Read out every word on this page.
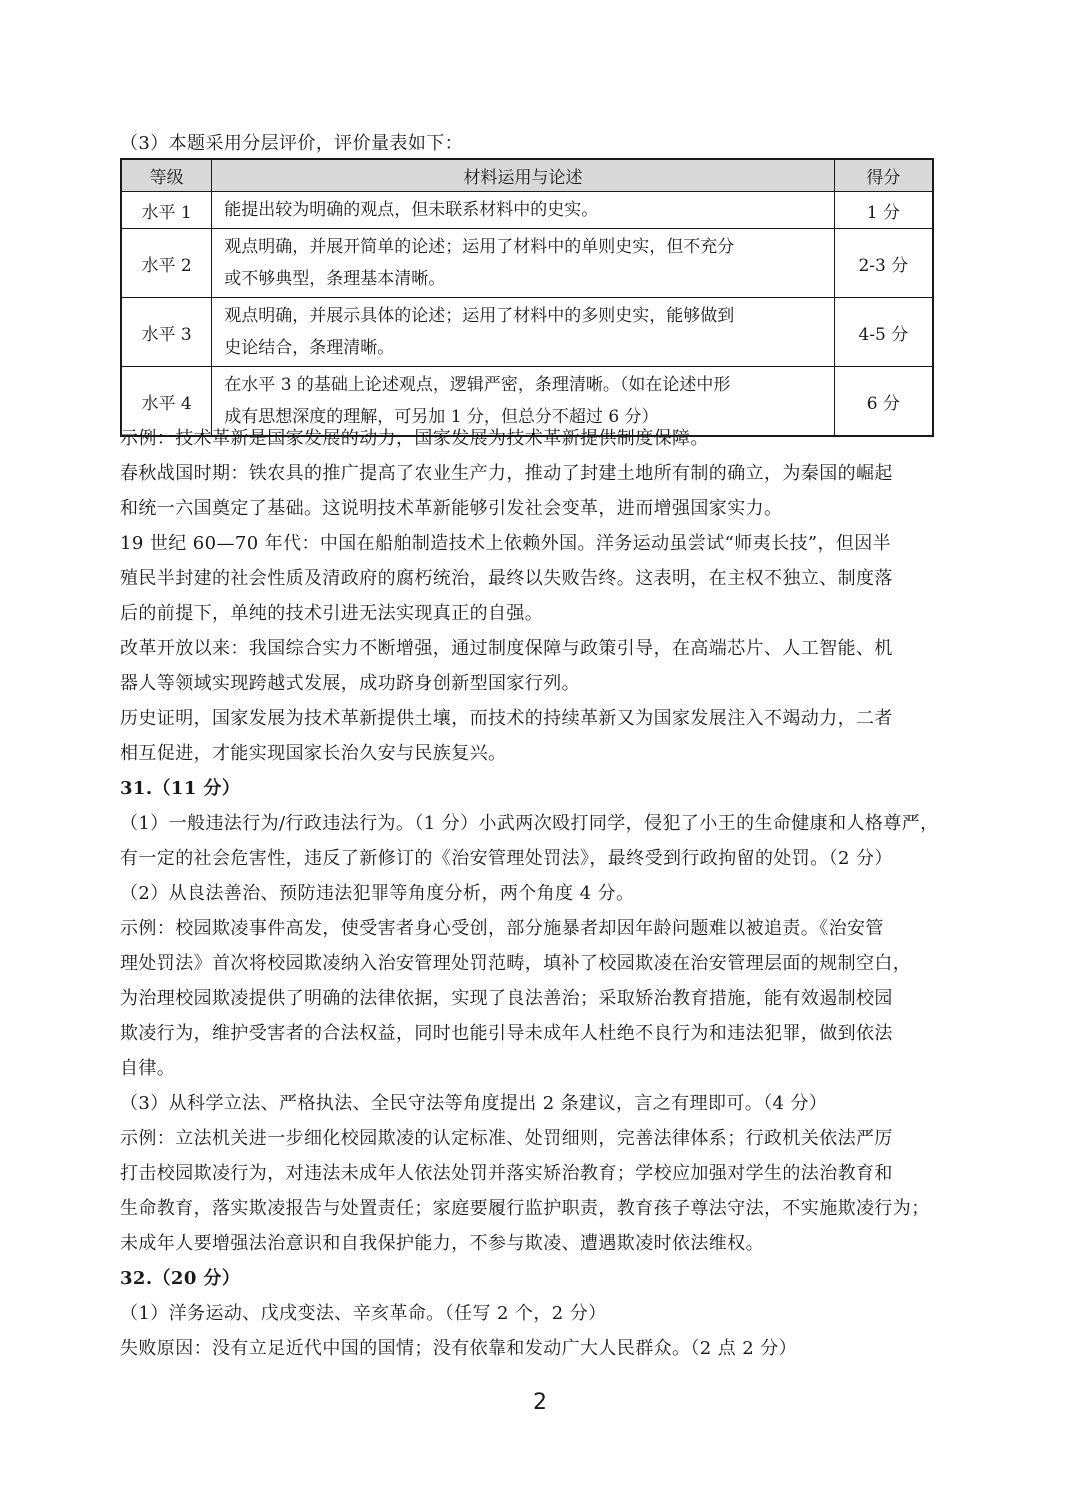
（3）本题采用分层评价，评价量表如下：
等级	材料运用与论述	得分
水平 1	能提出较为明确的观点，但未联系材料中的史实。	1 分
水平 2	观点明确，并展开简单的论述；运用了材料中的单则史实，但不充分
或不够典型，条理基本清晰。	2-3 分
水平 3	观点明确，并展示具体的论述；运用了材料中的多则史实，能够做到
史论结合，条理清晰。	4-5 分
水平 4	在水平 3 的基础上论述观点，逻辑严密，条理清晰。（如在论述中形
成有思想深度的理解，可另加 1 分，但总分不超过 6 分）	6 分
示例：技术革新是国家发展的动力，国家发展为技术革新提供制度保障。
春秋战国时期：铁农具的推广提高了农业生产力，推动了封建土地所有制的确立，为秦国的崛起
和统一六国奠定了基础。这说明技术革新能够引发社会变革，进而增强国家实力。
19 世纪 60—70 年代：中国在船舶制造技术上依赖外国。洋务运动虽尝试“师夷长技”，但因半
殖民半封建的社会性质及清政府的腐朽统治，最终以失败告终。这表明，在主权不独立、制度落
后的前提下，单纯的技术引进无法实现真正的自强。
改革开放以来：我国综合实力不断增强，通过制度保障与政策引导，在高端芯片、人工智能、机
器人等领域实现跨越式发展，成功跻身创新型国家行列。
历史证明，国家发展为技术革新提供土壤，而技术的持续革新又为国家发展注入不竭动力，二者
相互促进，才能实现国家长治久安与民族复兴。
31.（11 分）
（1）一般违法行为/行政违法行为。（1 分）小武两次殴打同学，侵犯了小王的生命健康和人格尊严，
有一定的社会危害性，违反了新修订的《治安管理处罚法》，最终受到行政拘留的处罚。（2 分）
（2）从良法善治、预防违法犯罪等角度分析，两个角度 4 分。
示例：校园欺凌事件高发，使受害者身心受创，部分施暴者却因年龄问题难以被追责。《治安管
理处罚法》首次将校园欺凌纳入治安管理处罚范畴，填补了校园欺凌在治安管理层面的规制空白，
为治理校园欺凌提供了明确的法律依据，实现了良法善治；采取矫治教育措施，能有效遏制校园
欺凌行为，维护受害者的合法权益，同时也能引导未成年人杜绝不良行为和违法犯罪，做到依法
自律。
（3）从科学立法、严格执法、全民守法等角度提出 2 条建议，言之有理即可。（4 分）
示例：立法机关进一步细化校园欺凌的认定标准、处罚细则，完善法律体系；行政机关依法严厉
打击校园欺凌行为，对违法未成年人依法处罚并落实矫治教育；学校应加强对学生的法治教育和
生命教育，落实欺凌报告与处置责任；家庭要履行监护职责，教育孩子尊法守法，不实施欺凌行为；
未成年人要增强法治意识和自我保护能力，不参与欺凌、遭遇欺凌时依法维权。
32.（20 分）
（1）洋务运动、戊戌变法、辛亥革命。（任写 2 个，2 分）
失败原因：没有立足近代中国的国情；没有依靠和发动广大人民群众。（2 点 2 分）
2
